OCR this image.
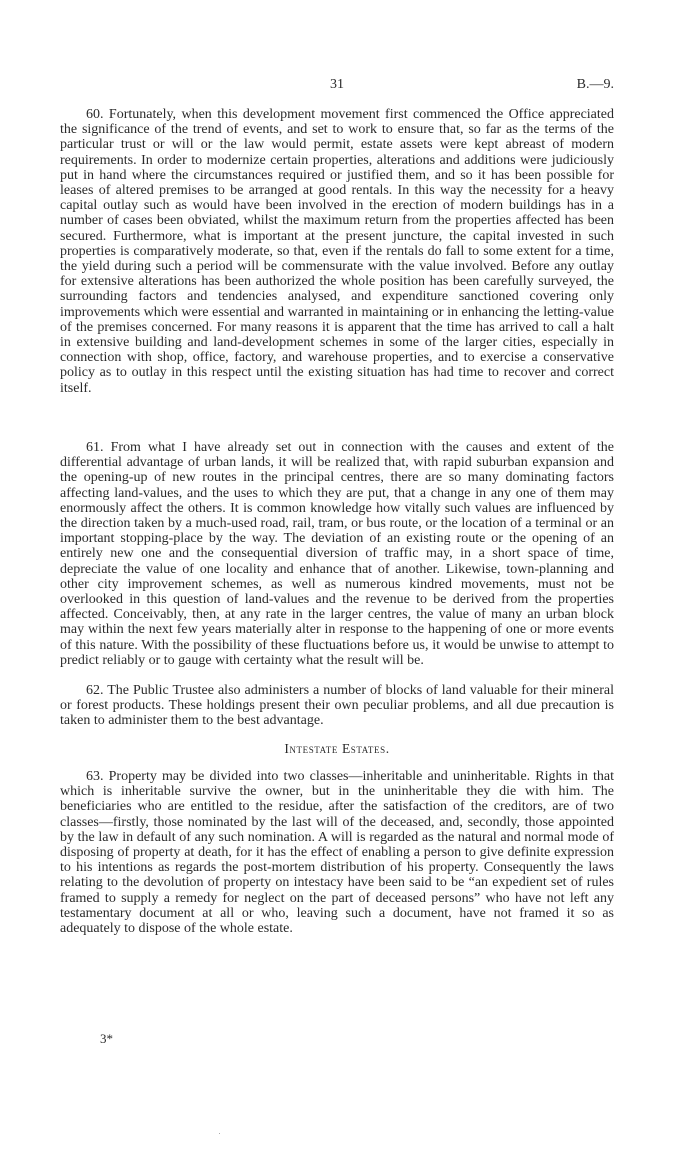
31	B.—9.

60. Fortunately, when this development movement first commenced the Office appreciated the significance of the trend of events, and set to work to ensure that, so far as the terms of the particular trust or will or the law would permit, estate assets were kept abreast of modern requirements. In order to modernize certain properties, alterations and additions were judiciously put in hand where the circumstances required or justified them, and so it has been possible for leases of altered premises to be arranged at good rentals. In this way the necessity for a heavy capital outlay such as would have been involved in the erection of modern buildings has in a number of cases been obviated, whilst the maximum return from the properties affected has been secured. Furthermore, what is important at the present juncture, the capital invested in such properties is comparatively moderate, so that, even if the rentals do fall to some extent for a time, the yield during such a period will be commensurate with the value involved. Before any outlay for extensive alterations has been authorized the whole position has been carefully surveyed, the surrounding factors and tendencies analysed, and expenditure sanctioned covering only improvements which were essential and warranted in maintaining or in enhancing the letting-value of the premises concerned. For many reasons it is apparent that the time has arrived to call a halt in extensive building and land-development schemes in some of the larger cities, especially in connection with shop, office, factory, and warehouse properties, and to exercise a conservative policy as to outlay in this respect until the existing situation has had time to recover and correct itself.

61. From what I have already set out in connection with the causes and extent of the differential advantage of urban lands, it will be realized that, with rapid suburban expansion and the opening-up of new routes in the principal centres, there are so many dominating factors affecting land-values, and the uses to which they are put, that a change in any one of them may enormously affect the others. It is common knowledge how vitally such values are influenced by the direction taken by a much-used road, rail, tram, or bus route, or the location of a terminal or an important stopping-place by the way. The deviation of an existing route or the opening of an entirely new one and the consequential diversion of traffic may, in a short space of time, depreciate the value of one locality and enhance that of another. Likewise, town-planning and other city improvement schemes, as well as numerous kindred movements, must not be overlooked in this question of land-values and the revenue to be derived from the properties affected. Conceivably, then, at any rate in the larger centres, the value of many an urban block may within the next few years materially alter in response to the happening of one or more events of this nature. With the possibility of these fluctuations before us, it would be unwise to attempt to predict reliably or to gauge with certainty what the result will be.

62. The Public Trustee also administers a number of blocks of land valuable for their mineral or forest products. These holdings present their own peculiar problems, and all due precaution is taken to administer them to the best advantage.

Intestate Estates.

63. Property may be divided into two classes—inheritable and uninheritable. Rights in that which is inheritable survive the owner, but in the uninheritable they die with him. The beneficiaries who are entitled to the residue, after the satisfaction of the creditors, are of two classes—firstly, those nominated by the last will of the deceased, and, secondly, those appointed by the law in default of any such nomination. A will is regarded as the natural and normal mode of disposing of property at death, for it has the effect of enabling a person to give definite expression to his intentions as regards the post-mortem distribution of his property. Consequently the laws relating to the devolution of property on intestacy have been said to be “an expedient set of rules framed to supply a remedy for neglect on the part of deceased persons” who have not left any testamentary document at all or who, leaving such a document, have not framed it so as adequately to dispose of the whole estate.

3*
